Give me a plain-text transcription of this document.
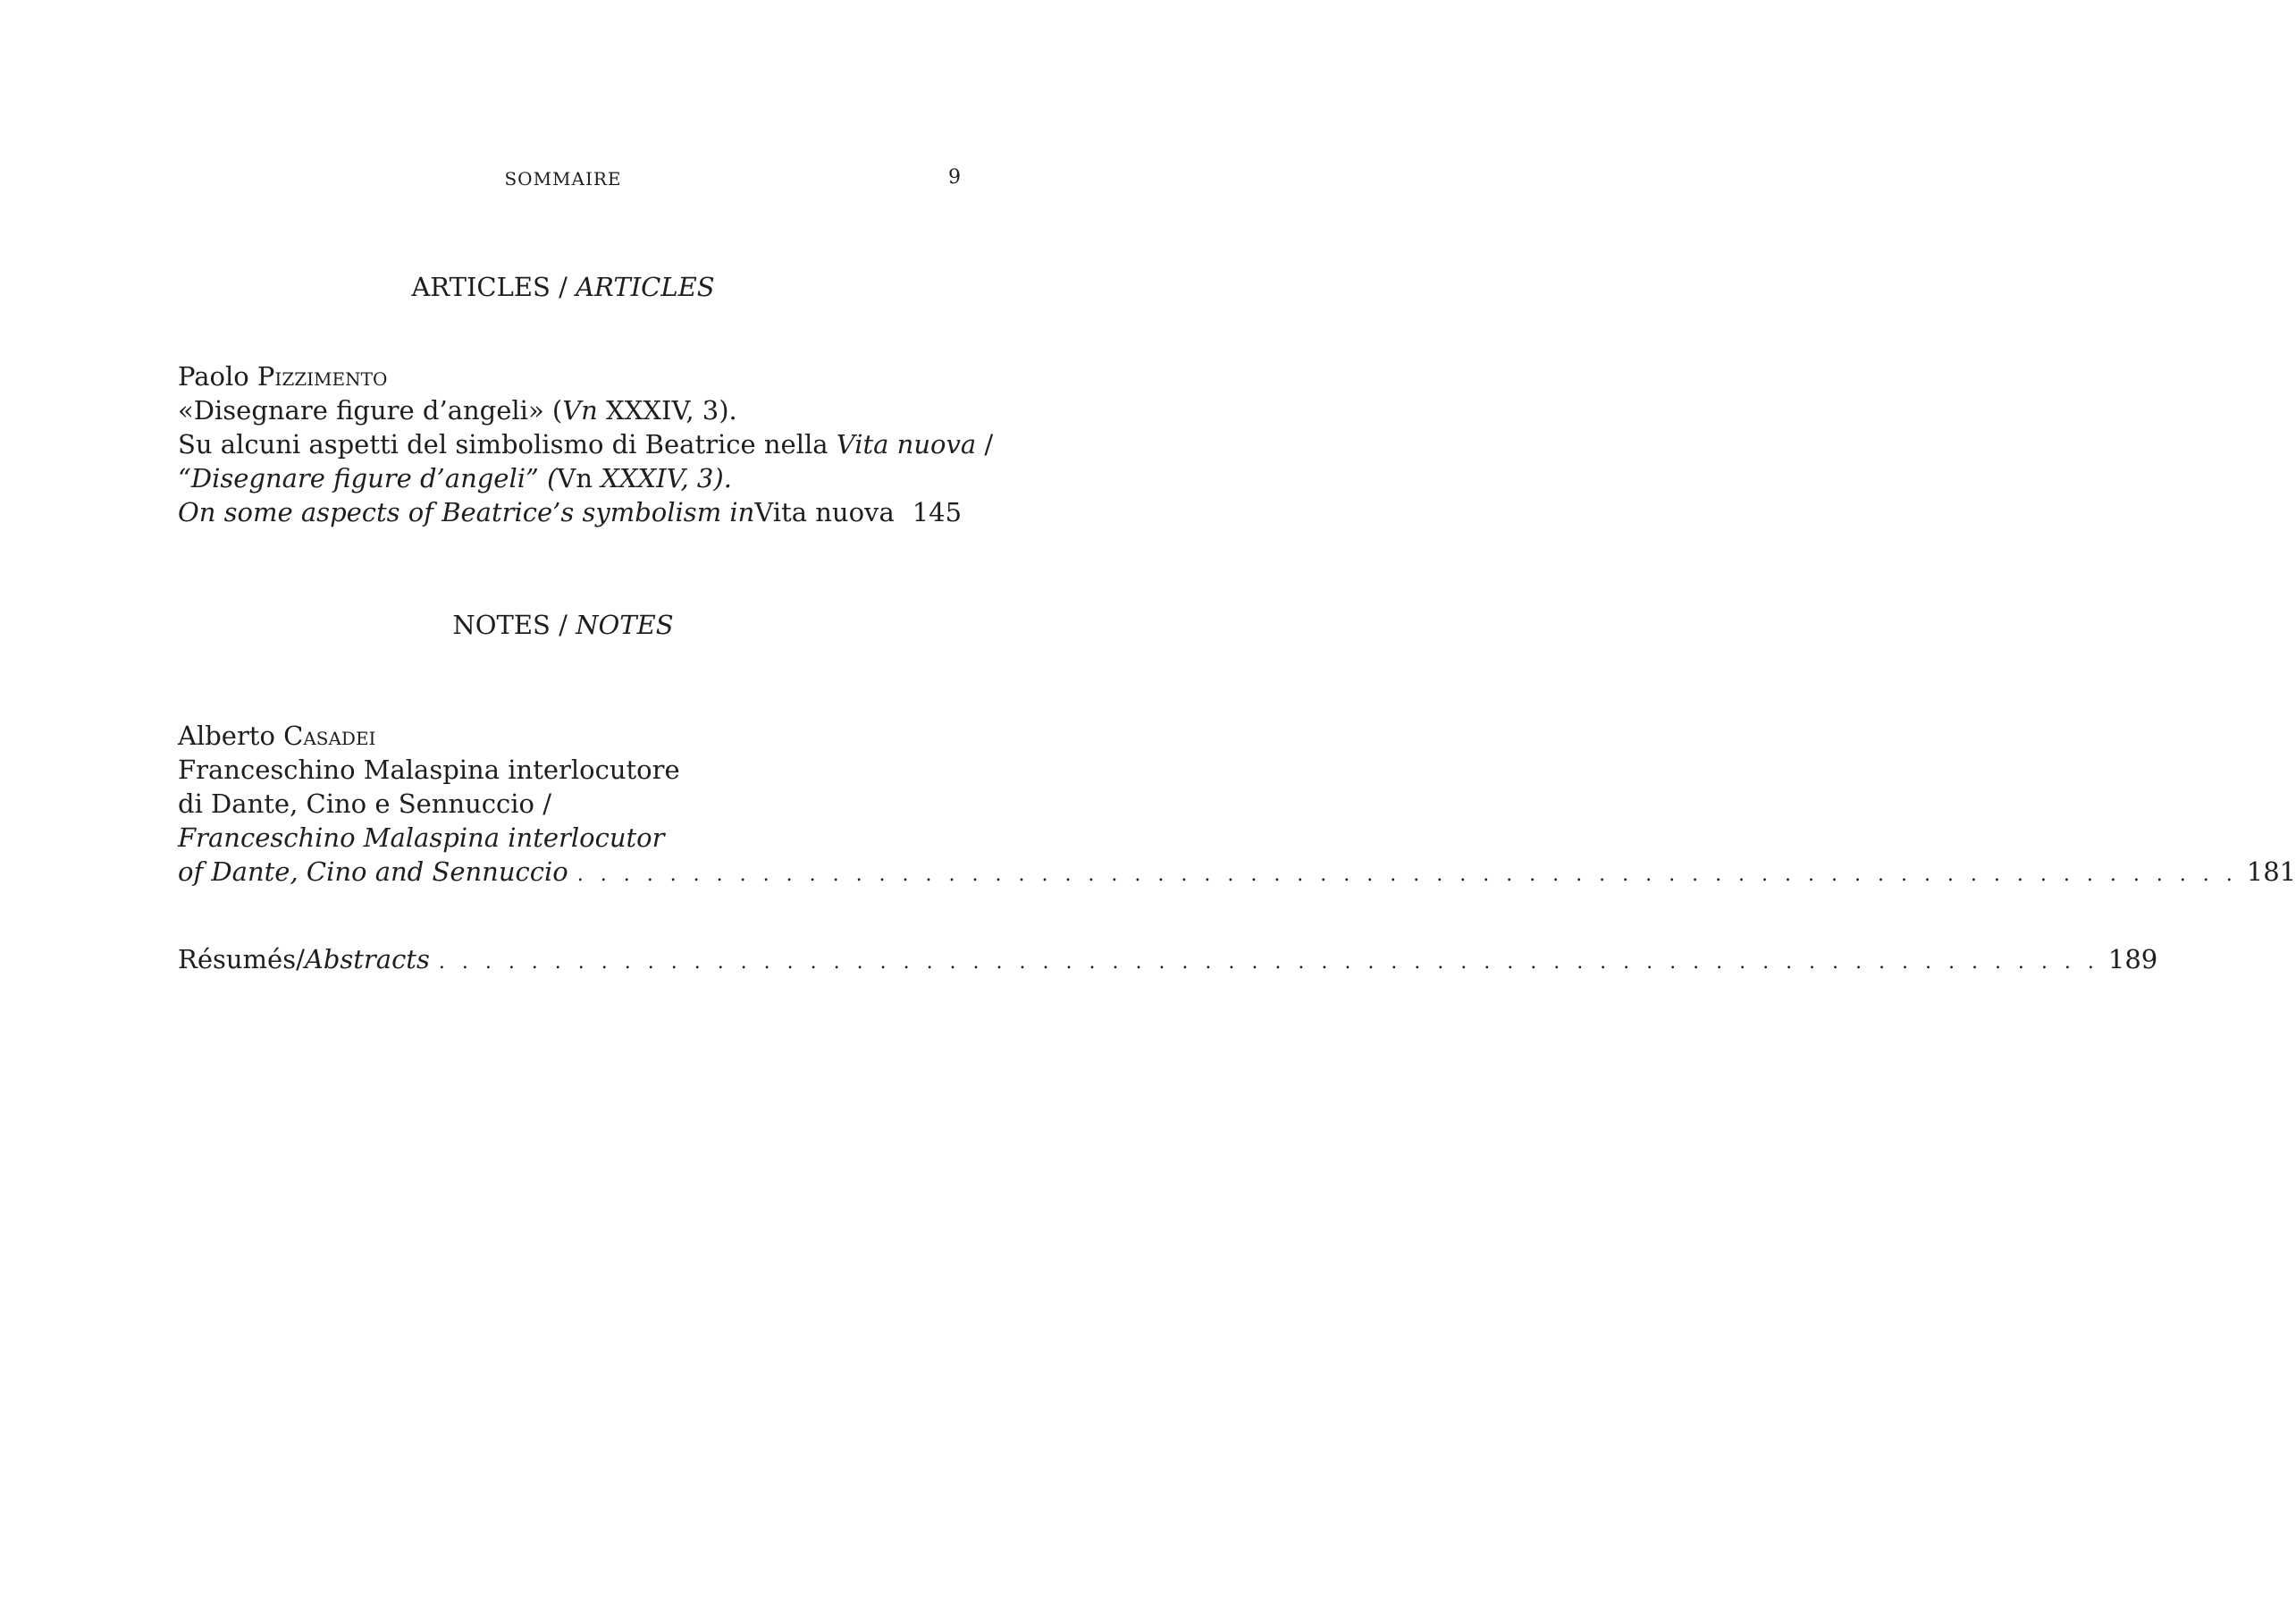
SOMMAIRE	9
ARTICLES / ARTICLES
Paolo Pizzimento
«Disegnare figure d’angeli» (Vn XXXIV, 3).
Su alcuni aspetti del simbolismo di Beatrice nella Vita nuova /
“Disegnare figure d’angeli” (Vn XXXIV, 3).
On some aspects of Beatrice’s symbolism in Vita nuova 145
NOTES / NOTES
Alberto Casadei
Franceschino Malaspina interlocutore
di Dante, Cino e Sennuccio /
Franceschino Malaspina interlocutor
of Dante, Cino and Sennuccio . . . . . . . . . . . . . . . . . . . . . . . . . . . . . . . . . . . . . . . . . . . . . . . . . . . . . . . . . . . . . . . . . . . . . . . . 181
Résumés/Abstracts . . . . . . . . . . . . . . . . . . . . . . . . . . . . . . . . . . . . . . . . . . . . . . . . . . . . . . . . . . . . . . . . . . . . . . . . 189
